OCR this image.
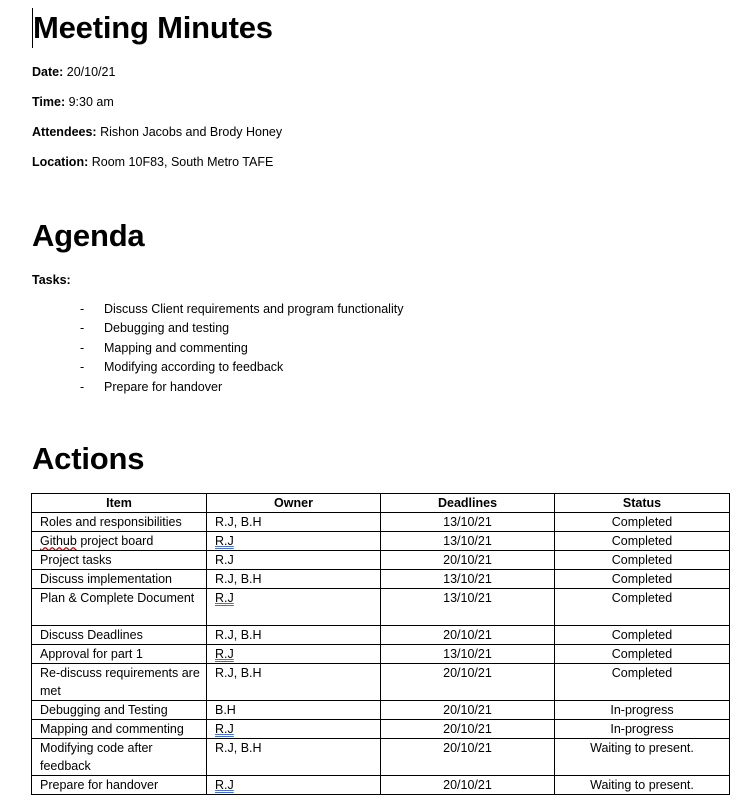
Meeting Minutes
Date: 20/10/21
Time: 9:30 am
Attendees: Rishon Jacobs and Brody Honey
Location: Room 10F83, South Metro TAFE
Agenda
Tasks:
- Discuss Client requirements and program functionality
- Debugging and testing
- Mapping and commenting
- Modifying according to feedback
- Prepare for handover
Actions
Item	Owner	Deadlines	Status
Roles and responsibilities	R.J, B.H	13/10/21	Completed
Github project board	R.J	13/10/21	Completed
Project tasks	R.J	20/10/21	Completed
Discuss implementation	R.J, B.H	13/10/21	Completed
Plan & Complete Document	R.J	13/10/21	Completed
Discuss Deadlines	R.J, B.H	20/10/21	Completed
Approval for part 1	R.J	13/10/21	Completed
Re-discuss requirements are met	R.J, B.H	20/10/21	Completed
Debugging and Testing	B.H	20/10/21	In-progress
Mapping and commenting	R.J	20/10/21	In-progress
Modifying code after feedback	R.J, B.H	20/10/21	Waiting to present.
Prepare for handover	R.J	20/10/21	Waiting to present.
